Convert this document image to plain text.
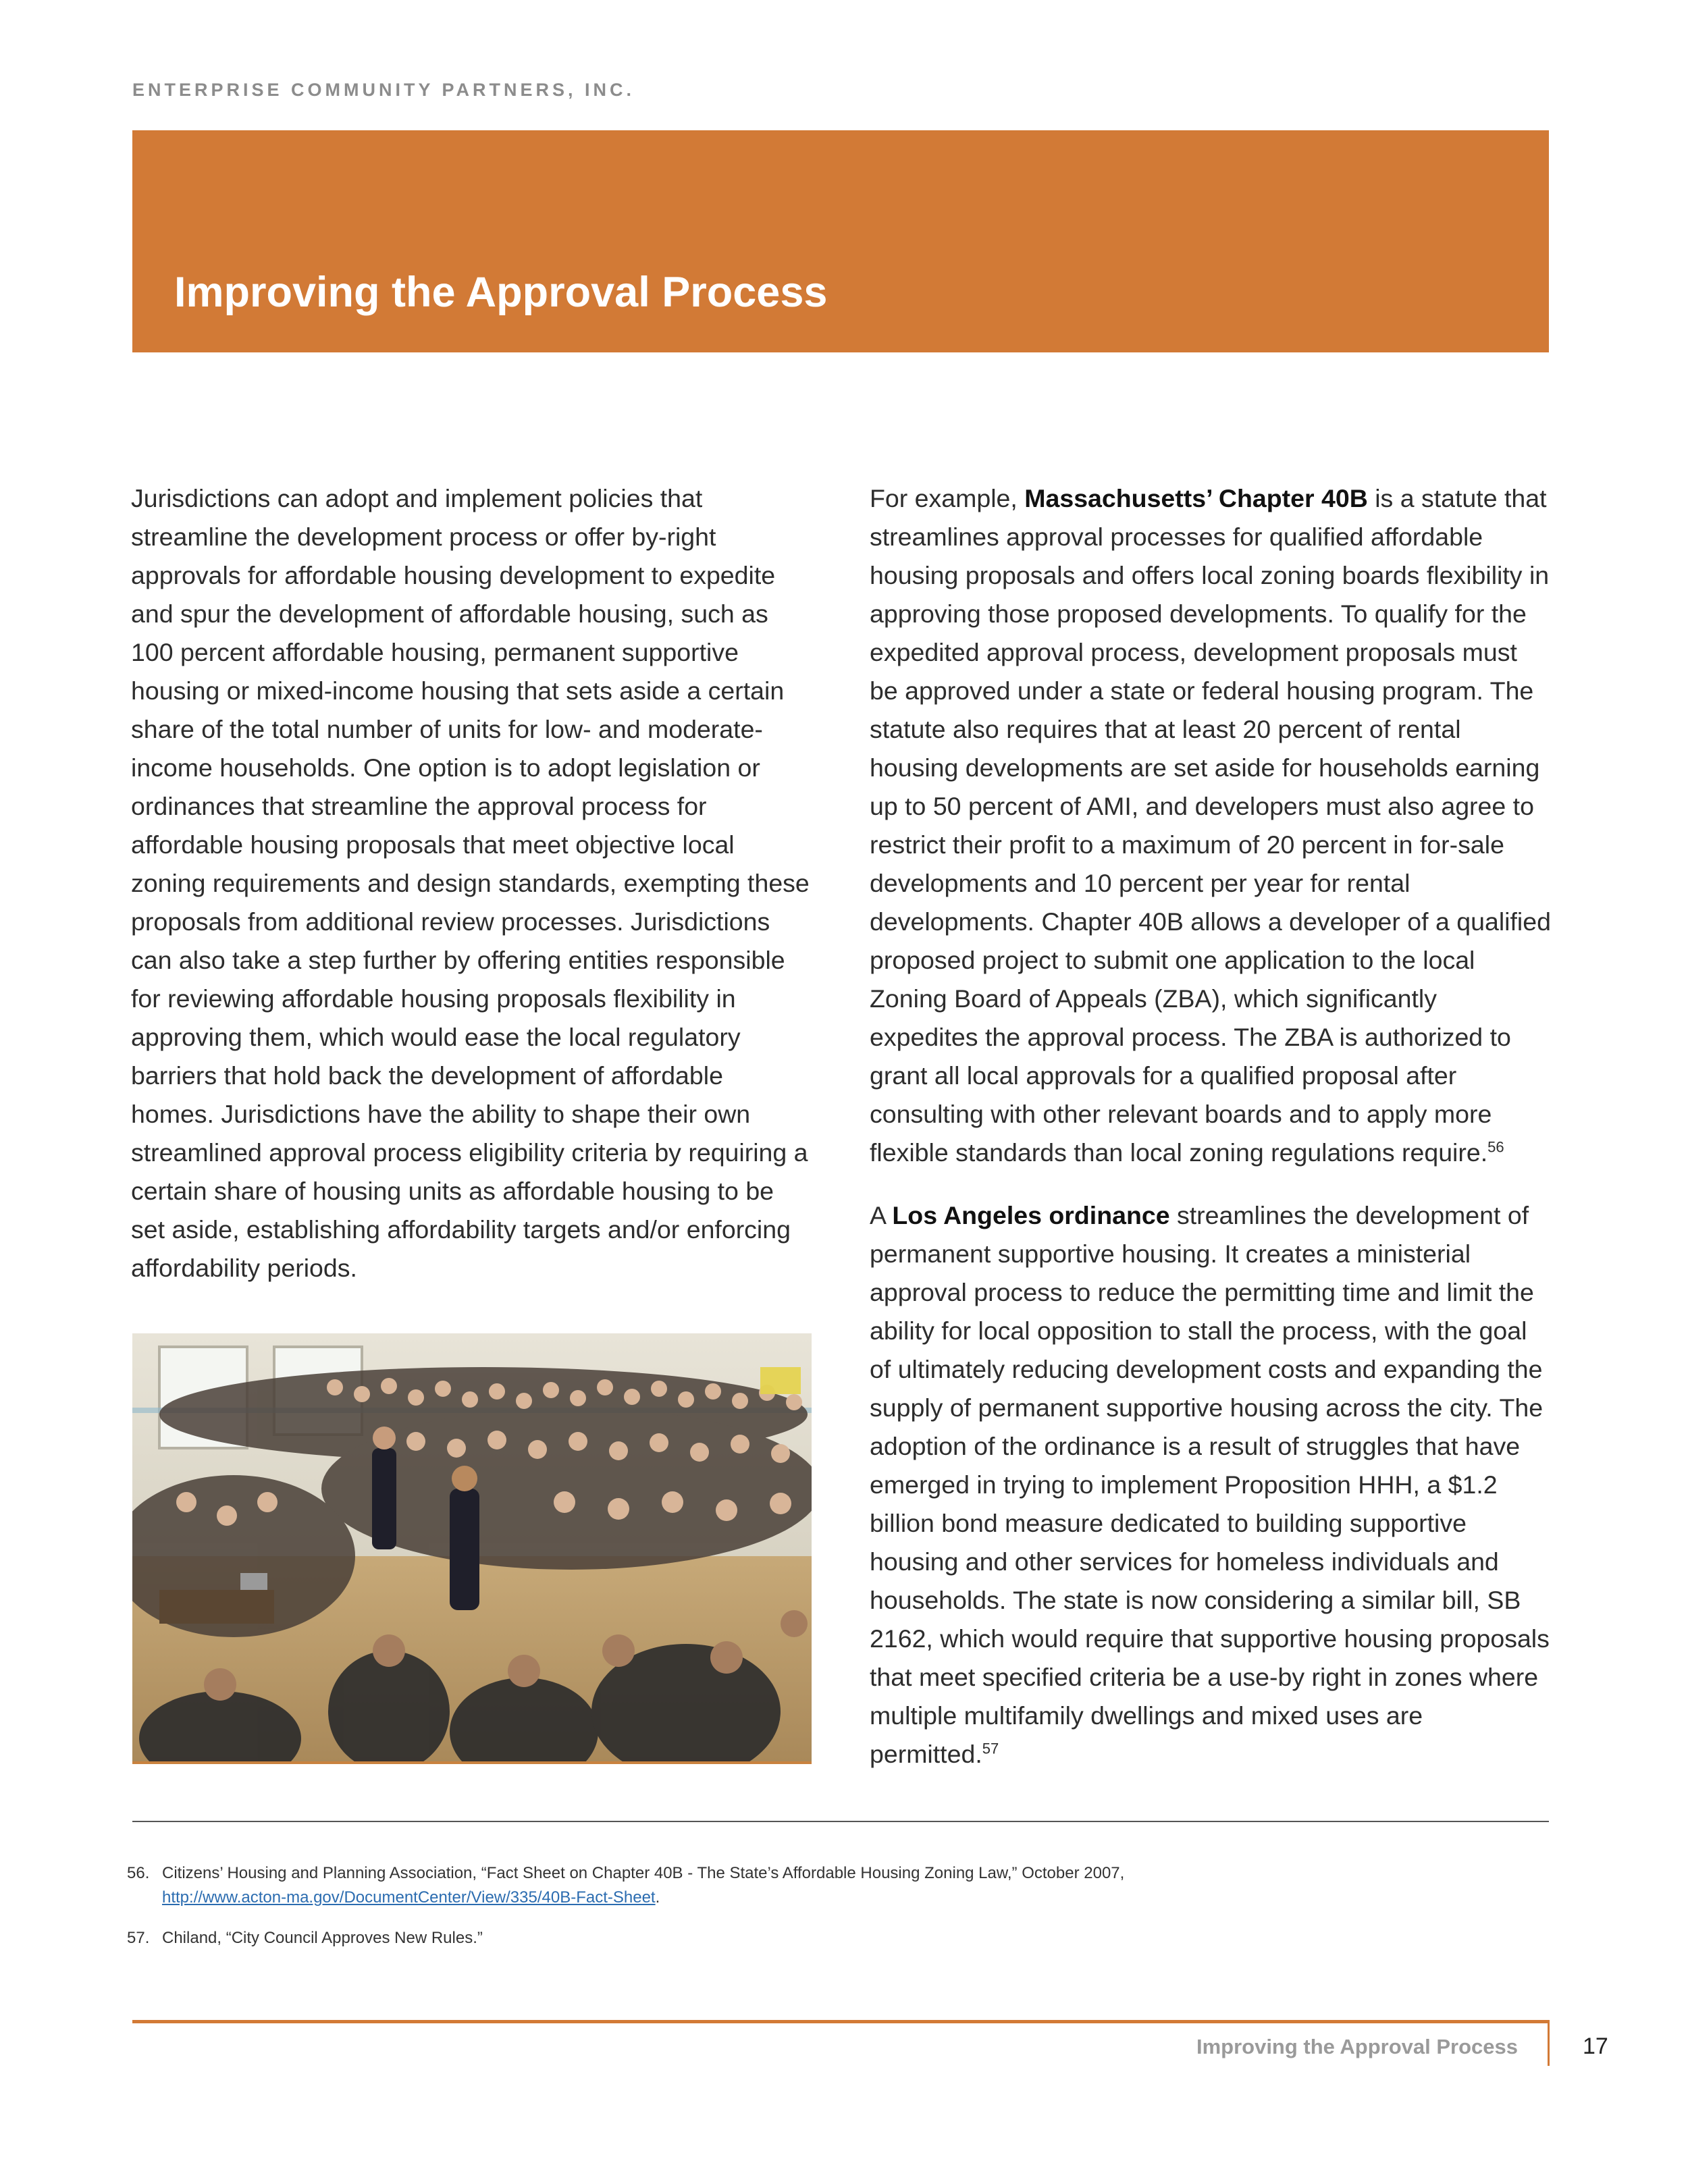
ENTERPRISE COMMUNITY PARTNERS, INC.
Improving the Approval Process

Jurisdictions can adopt and implement policies that streamline the development process or offer by-right approvals for affordable housing development to expedite and spur the development of affordable housing, such as 100 percent affordable housing, permanent supportive housing or mixed-income housing that sets aside a certain share of the total number of units for low- and moderate-income households. One option is to adopt legislation or ordinances that streamline the approval process for affordable housing proposals that meet objective local zoning requirements and design standards, exempting these proposals from additional review processes. Jurisdictions can also take a step further by offering entities responsible for reviewing affordable housing proposals flexibility in approving them, which would ease the local regulatory barriers that hold back the development of affordable homes. Jurisdictions have the ability to shape their own streamlined approval process eligibility criteria by requiring a certain share of housing units as affordable housing to be set aside, establishing affordability targets and/or enforcing affordability periods.

For example, Massachusetts’ Chapter 40B is a statute that streamlines approval processes for qualified affordable housing proposals and offers local zoning boards flexibility in approving those proposed developments. To qualify for the expedited approval process, development proposals must be approved under a state or federal housing program. The statute also requires that at least 20 percent of rental housing developments are set aside for households earning up to 50 percent of AMI, and developers must also agree to restrict their profit to a maximum of 20 percent in for-sale developments and 10 percent per year for rental developments. Chapter 40B allows a developer of a qualified proposed project to submit one application to the local Zoning Board of Appeals (ZBA), which significantly expedites the approval process. The ZBA is authorized to grant all local approvals for a qualified proposal after consulting with other relevant boards and to apply more flexible standards than local zoning regulations require.$^{56}$

A Los Angeles ordinance streamlines the development of permanent supportive housing. It creates a ministerial approval process to reduce the permitting time and limit the ability for local opposition to stall the process, with the goal of ultimately reducing development costs and expanding the supply of permanent supportive housing across the city. The adoption of the ordinance is a result of struggles that have emerged in trying to implement Proposition HHH, a $1.2 billion bond measure dedicated to building supportive housing and other services for homeless individuals and households. The state is now considering a similar bill, SB 2162, which would require that supportive housing proposals that meet specified criteria be a use-by right in zones where multiple multifamily dwellings and mixed uses are permitted.$^{57}$

56. Citizens’ Housing and Planning Association, “Fact Sheet on Chapter 40B - The State’s Affordable Housing Zoning Law,” October 2007,
http://www.acton-ma.gov/DocumentCenter/View/335/40B-Fact-Sheet.
57. Chiland, “City Council Approves New Rules.”
Improving the Approval Process	17
